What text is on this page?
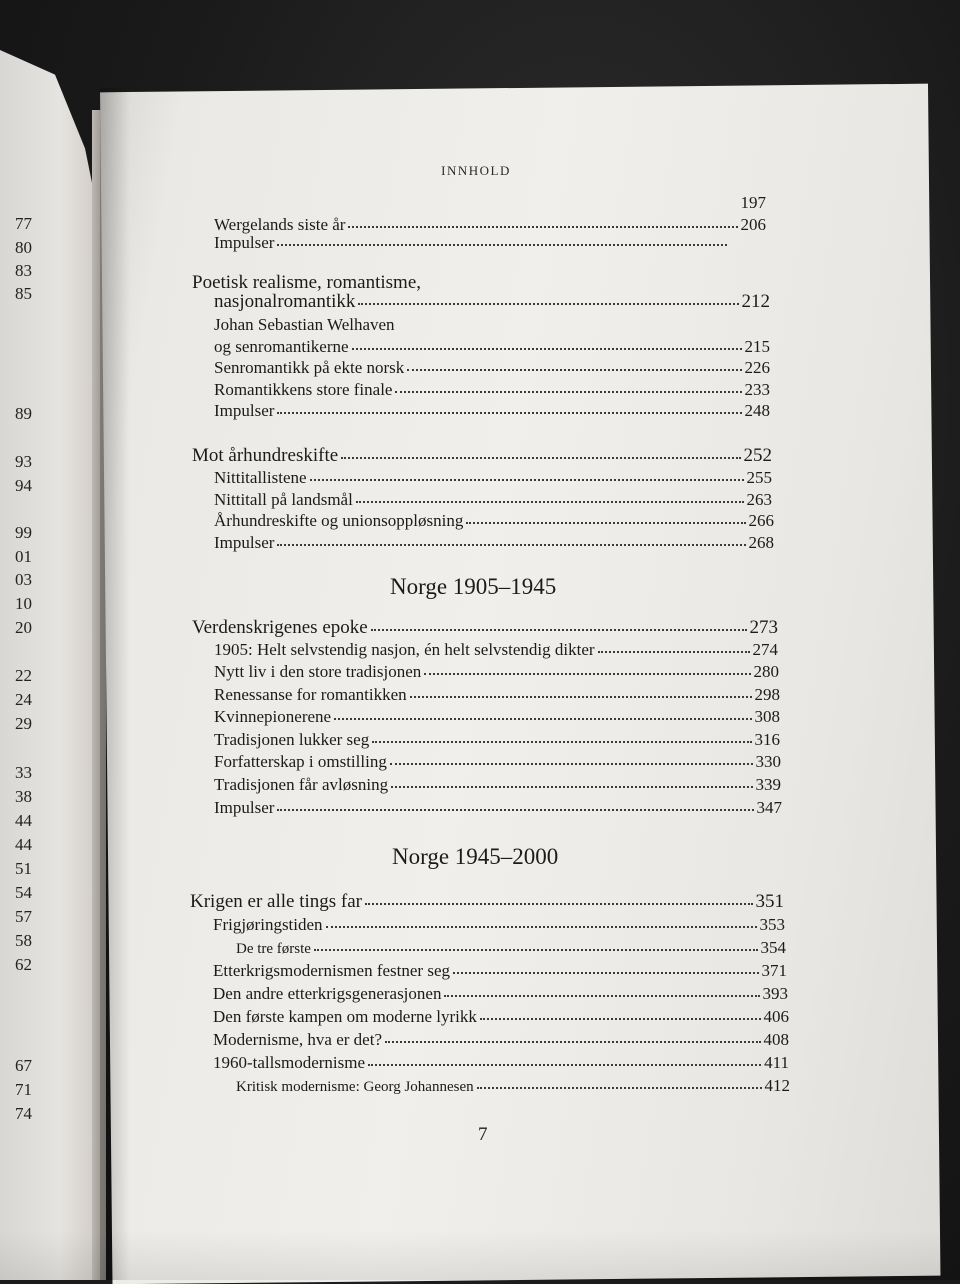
77
80
83
85
89
93
94
99
01
03
10
20
22
24
29
33
38
44
44
51
54
57
58
62
67
71
74
INNHOLD
197
Wergelands siste år	206
Impulser
Poetisk realisme, romantisme,
nasjonalromantikk	212
Johan Sebastian Welhaven
og senromantikerne	215
Senromantikk på ekte norsk	226
Romantikkens store finale	233
Impulser	248
Mot århundreskifte	252
Nittitallistene	255
Nittitall på landsmål	263
Århundreskifte og unionsoppløsning	266
Impulser	268
Norge 1905–1945
Verdenskrigenes epoke	273
1905: Helt selvstendig nasjon, én helt selvstendig dikter	274
Nytt liv i den store tradisjonen	280
Renessanse for romantikken	298
Kvinnepionerene	308
Tradisjonen lukker seg	316
Forfatterskap i omstilling	330
Tradisjonen får avløsning	339
Impulser	347
Norge 1945–2000
Krigen er alle tings far	351
Frigjøringstiden	353
De tre første	354
Etterkrigsmodernismen festner seg	371
Den andre etterkrigsgenerasjonen	393
Den første kampen om moderne lyrikk	406
Modernisme, hva er det?	408
1960-tallsmodernisme	411
Kritisk modernisme: Georg Johannesen	412
7
